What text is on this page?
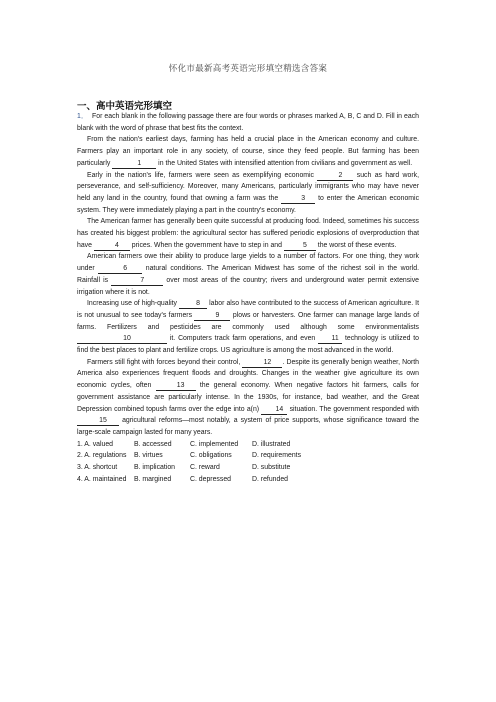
怀化市最新高考英语完形填空精选含答案
一、高中英语完形填空

1． For each blank in the following passage there are four words or phrases marked A, B, C and D. Fill in each blank with the word of phrase that best fits the context.

From the nation's earliest days, farming has held a crucial place in the American economy and culture. Farmers play an important role in any society, of course, since they feed people. But farming has been particularly	1 in the United States with intensified attention from civilians and government as well.

Early in the nation's life, farmers were seen as exemplifying economic	2 such as hard work, perseverance, and self-sufficiency. Moreover, many Americans, particularly immigrants who may have never held any land in the country, found that owning a farm was the	3 to enter the American economic system. They were immediately playing a part in the country's economy.

The American farmer has generally been quite successful at producing food. Indeed, sometimes his success has created his biggest problem: the agricultural sector has suffered periodic explosions of overproduction that have	4 prices. When the government have to step in and	5 the worst of these events.

American farmers owe their ability to produce large yields to a number of factors. For one thing, they work under	6	natural conditions. The American Midwest has some of the richest soil in the world. Rainfall is	7	over most areas of the country; rivers and underground water permit extensive irrigation where it is not.

Increasing use of high-quality	8 labor also have contributed to the success of American agriculture. It is not unusual to see today's farmers	9 plows or harvesters. One farmer can manage large lands of farms. Fertilizers and pesticides are commonly used although some environmentalists 10	it. Computers track farm operations, and even 11 technology is utilized to find the best places to plant and fertilize crops. US agriculture is among the most advanced in the world.

Farmers still fight with forces beyond their control,	12 . Despite its generally benign weather, North America also experiences frequent floods and droughts. Changes in the weather give agriculture its own economic cycles, often	13 the general economy. When negative factors hit farmers, calls for government assistance are particularly intense. In the 1930s, for instance, bad weather, and the Great Depression combined topush farms over the edge into a(n) 14 situation. The government responded with 15 agricultural reforms—most notably, a system of price supports, whose significance toward the large-scale campaign lasted for many years.

1. A. valued	B. accessed	C. implemented	D. illustrated

2. A. regulations	B. virtues	C. obligations	D. requirements

3. A. shortcut	B. implication	C. reward	D. substitute

4. A. maintained	B. margined	C. depressed	D. refunded
